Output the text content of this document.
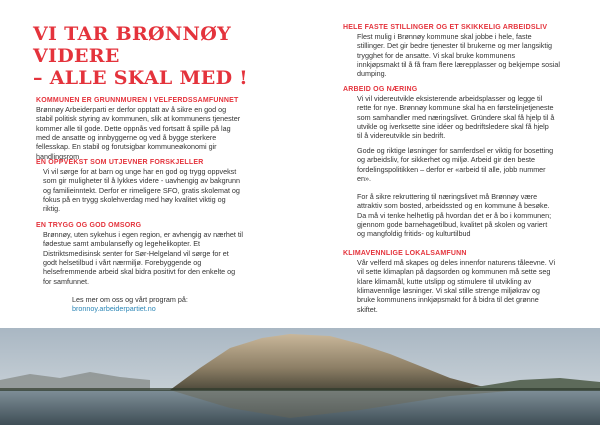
VI TAR BRØNNØY VIDERE
– ALLE SKAL MED !
KOMMUNEN ER GRUNNMUREN I VELFERDSSAMFUNNET
Brønnøy Arbeiderparti er derfor opptatt av å sikre en god og
stabil politisk styring av kommunen, slik at kommunens tjenester
kommer alle til gode. Dette oppnås ved fortsatt å spille på lag
med de ansatte og innbyggerne og ved å bygge sterkere
fellesskap. En stabil og forutsigbar kommuneøkonomi gir
handlingsrom
EN OPPVEKST SOM UTJEVNER FORSKJELLER
Vi vil sørge for at barn og unge har en god og trygg oppvekst
som gir muligheter til å lykkes videre - uavhengig av bakgrunn
og familieinntekt. Derfor er rimeligere SFO, gratis skolemat og
fokus på en trygg skolehverdag med høy kvalitet viktig og
riktig.
EN TRYGG OG GOD OMSORG
Brønnøy, uten sykehus i egen region, er avhengig av nærhet til
fødestue samt ambulansefly og legehelikopter. Et
Distriktsmedisinsk senter for Sør-Helgeland vil sørge for et
godt helsetilbud i vårt nærmiljø. Forebyggende og
helsefremmende arbeid skal bidra positivt for den enkelte og
for samfunnet.
Les mer om oss og vårt program på:
bronnoy.arbeiderpartiet.no
HELE FASTE STILLINGER OG ET SKIKKELIG ARBEIDSLIV
Flest mulig i Brønnøy kommune skal jobbe i hele, faste
stillinger. Det gir bedre tjenester til brukerne og mer langsiktig
trygghet for de ansatte. Vi skal bruke kommunens
innkjøpsmakt til å få fram flere lærepplasser og bekjempe sosial
dumping.
ARBEID OG NÆRING
Vi vil videreutvikle eksisterende arbeidsplasser og legge til
rette for nye. Brønnøy kommune skal ha en førstelinjetjeneste
som samhandler med næringslivet. Gründere skal få hjelp til å
utvikle og iverksette sine idéer og bedriftsledere skal få hjelp
til å videreutvikle sin bedrift.
Gode og riktige løsninger for samferdsel er viktig for bosetting
og arbeidsliv, for sikkerhet og miljø. Arbeid gir den beste
fordelingspolitikken – derfor er «arbeid til alle, jobb nummer
en».
For å sikre rekruttering til næringslivet må Brønnøy være
attraktiv som bosted, arbeidssted og en kommune å besøke.
Da må vi tenke helhetlig på hvordan det er å bo i kommunen;
gjennom gode barnehagetilbud, kvalitet på skolen og variert
og mangfoldig fritids- og kulturtilbud
KLIMAVENNLIGE LOKALSAMFUNN
Vår velferd må skapes og deles innenfor naturens tåleevne. Vi
vil sette klimaplan på dagsorden og kommunen må sette seg
klare klimamål, kutte utslipp og stimulere til utvikling av
klimavennlige løsninger. Vi skal stille strenge miljøkrav og
bruke kommunens innkjøpsmakt for å bidra til det grønne
skiftet.
